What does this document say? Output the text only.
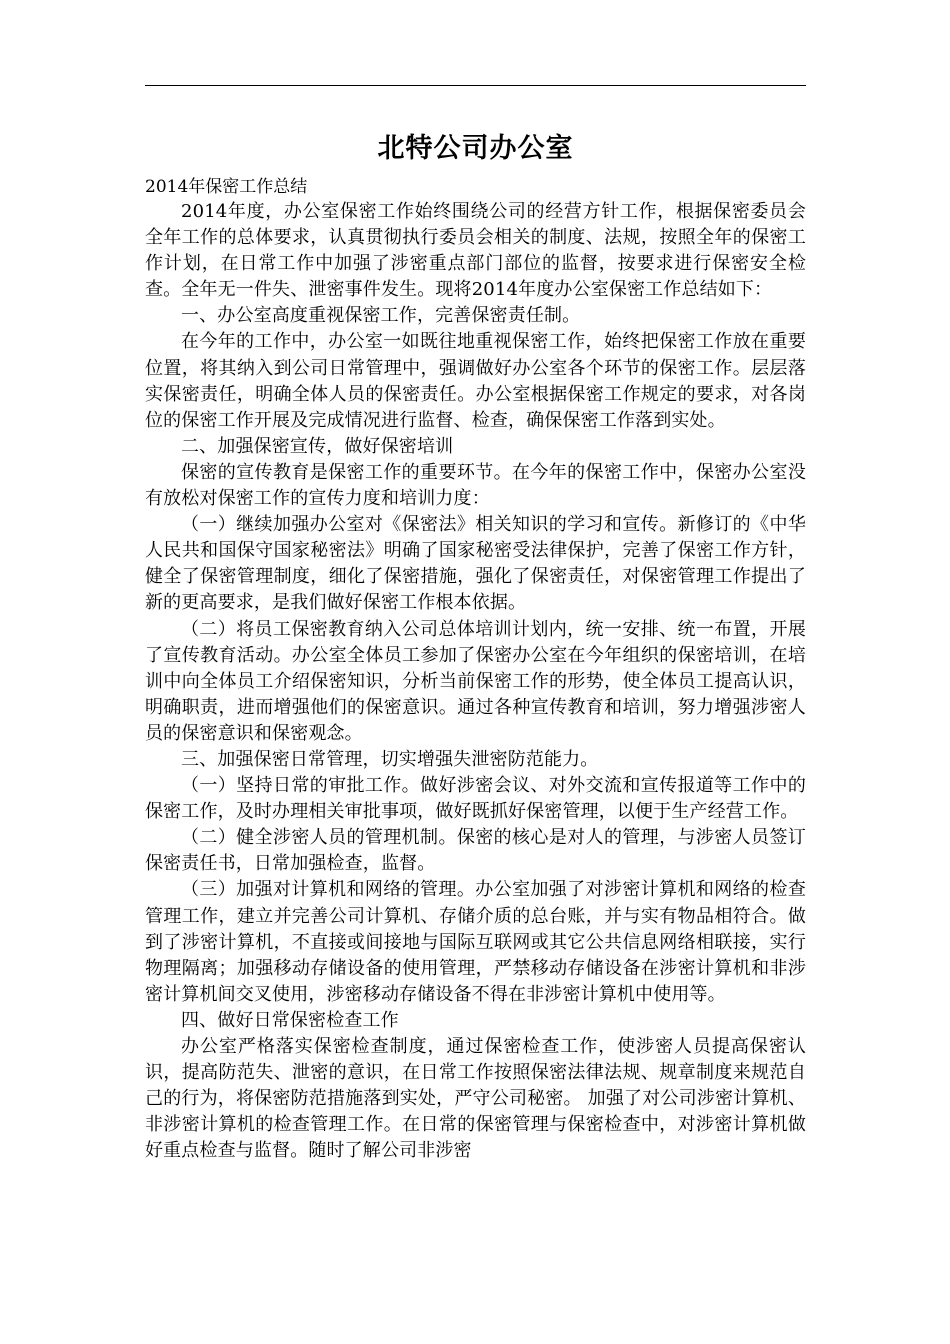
北特公司办公室

2014年保密工作总结

2014年度，办公室保密工作始终围绕公司的经营方针工作，根据保密委员会全年工作的总体要求，认真贯彻执行委员会相关的制度、法规，按照全年的保密工作计划，在日常工作中加强了涉密重点部门部位的监督，按要求进行保密安全检查。全年无一件失、泄密事件发生。现将2014年度办公室保密工作总结如下：

一、办公室高度重视保密工作，完善保密责任制。

在今年的工作中，办公室一如既往地重视保密工作，始终把保密工作放在重要位置，将其纳入到公司日常管理中，强调做好办公室各个环节的保密工作。层层落实保密责任，明确全体人员的保密责任。办公室根据保密工作规定的要求，对各岗位的保密工作开展及完成情况进行监督、检查，确保保密工作落到实处。

二、加强保密宣传，做好保密培训

保密的宣传教育是保密工作的重要环节。在今年的保密工作中，保密办公室没有放松对保密工作的宣传力度和培训力度：

（一）继续加强办公室对《保密法》相关知识的学习和宣传。新修订的《中华人民共和国保守国家秘密法》明确了国家秘密受法律保护，完善了保密工作方针，健全了保密管理制度，细化了保密措施，强化了保密责任，对保密管理工作提出了新的更高要求，是我们做好保密工作根本依据。

（二）将员工保密教育纳入公司总体培训计划内，统一安排、统一布置，开展了宣传教育活动。办公室全体员工参加了保密办公室在今年组织的保密培训，在培训中向全体员工介绍保密知识，分析当前保密工作的形势，使全体员工提高认识，明确职责，进而增强他们的保密意识。通过各种宣传教育和培训，努力增强涉密人员的保密意识和保密观念。

三、加强保密日常管理，切实增强失泄密防范能力。

（一）坚持日常的审批工作。做好涉密会议、对外交流和宣传报道等工作中的保密工作，及时办理相关审批事项，做好既抓好保密管理，以便于生产经营工作。

（二）健全涉密人员的管理机制。保密的核心是对人的管理，与涉密人员签订保密责任书，日常加强检查，监督。

（三）加强对计算机和网络的管理。办公室加强了对涉密计算机和网络的检查管理工作，建立并完善公司计算机、存储介质的总台账，并与实有物品相符合。做到了涉密计算机，不直接或间接地与国际互联网或其它公共信息网络相联接，实行物理隔离；加强移动存储设备的使用管理，严禁移动存储设备在涉密计算机和非涉密计算机间交叉使用，涉密移动存储设备不得在非涉密计算机中使用等。

四、做好日常保密检查工作

办公室严格落实保密检查制度，通过保密检查工作，使涉密人员提高保密认识，提高防范失、泄密的意识，在日常工作按照保密法律法规、规章制度来规范自己的行为，将保密防范措施落到实处，严守公司秘密。 加强了对公司涉密计算机、非涉密计算机的检查管理工作。在日常的保密管理与保密检查中，对涉密计算机做好重点检查与监督。随时了解公司非涉密
